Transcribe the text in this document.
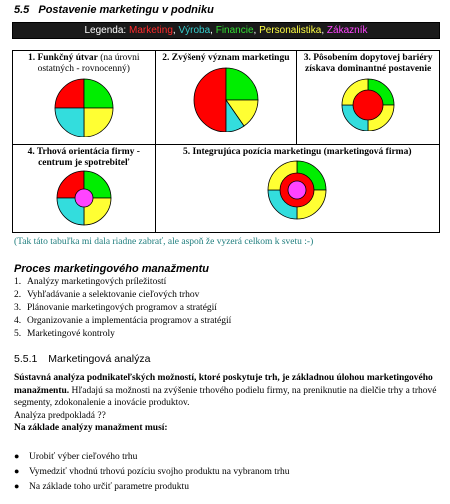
5.5 Postavenie marketingu v podniku
Legenda: Marketing, Výroba, Financie, Personalistika, Zákazník
1. Funkčný útvar (na úrovni ostatných - rovnocenný)	2. Zvýšený význam marketingu	3. Pôsobením dopytovej bariéry získava dominantné postavenie

4. Trhová orientácia firmy - centrum je spotrebiteľ	5. Integrujúca pozícia marketingu (marketingová firma)	
(Tak táto tabuľka mi dala riadne zabrať, ale aspoň že vyzerá celkom k svetu :-)
Proces marketingového manažmentu
1. Analýzy marketingových príležitostí
2. Vyhľadávanie a selektovanie cieľových trhov
3. Plánovanie marketingových programov a stratégií
4. Organizovanie a implementácia programov a stratégií
5. Marketingové kontroly
5.5.1 Marketingová analýza
Sústavná analýza podnikateľských možností, ktoré poskytuje trh, je základnou úlohou marketingového manažmentu. Hľadajú sa možnosti na zvýšenie trhového podielu firmy, na preniknutie na dielčie trhy a trhové segmenty, zdokonalenie a inovácie produktov.
Analýza predpokladá ??
Na základe analýzy manažment musí:
● Urobiť výber cieľového trhu
● Vymedziť vhodnú trhovú pozíciu svojho produktu na vybranom trhu
● Na základe toho určiť parametre produktu
